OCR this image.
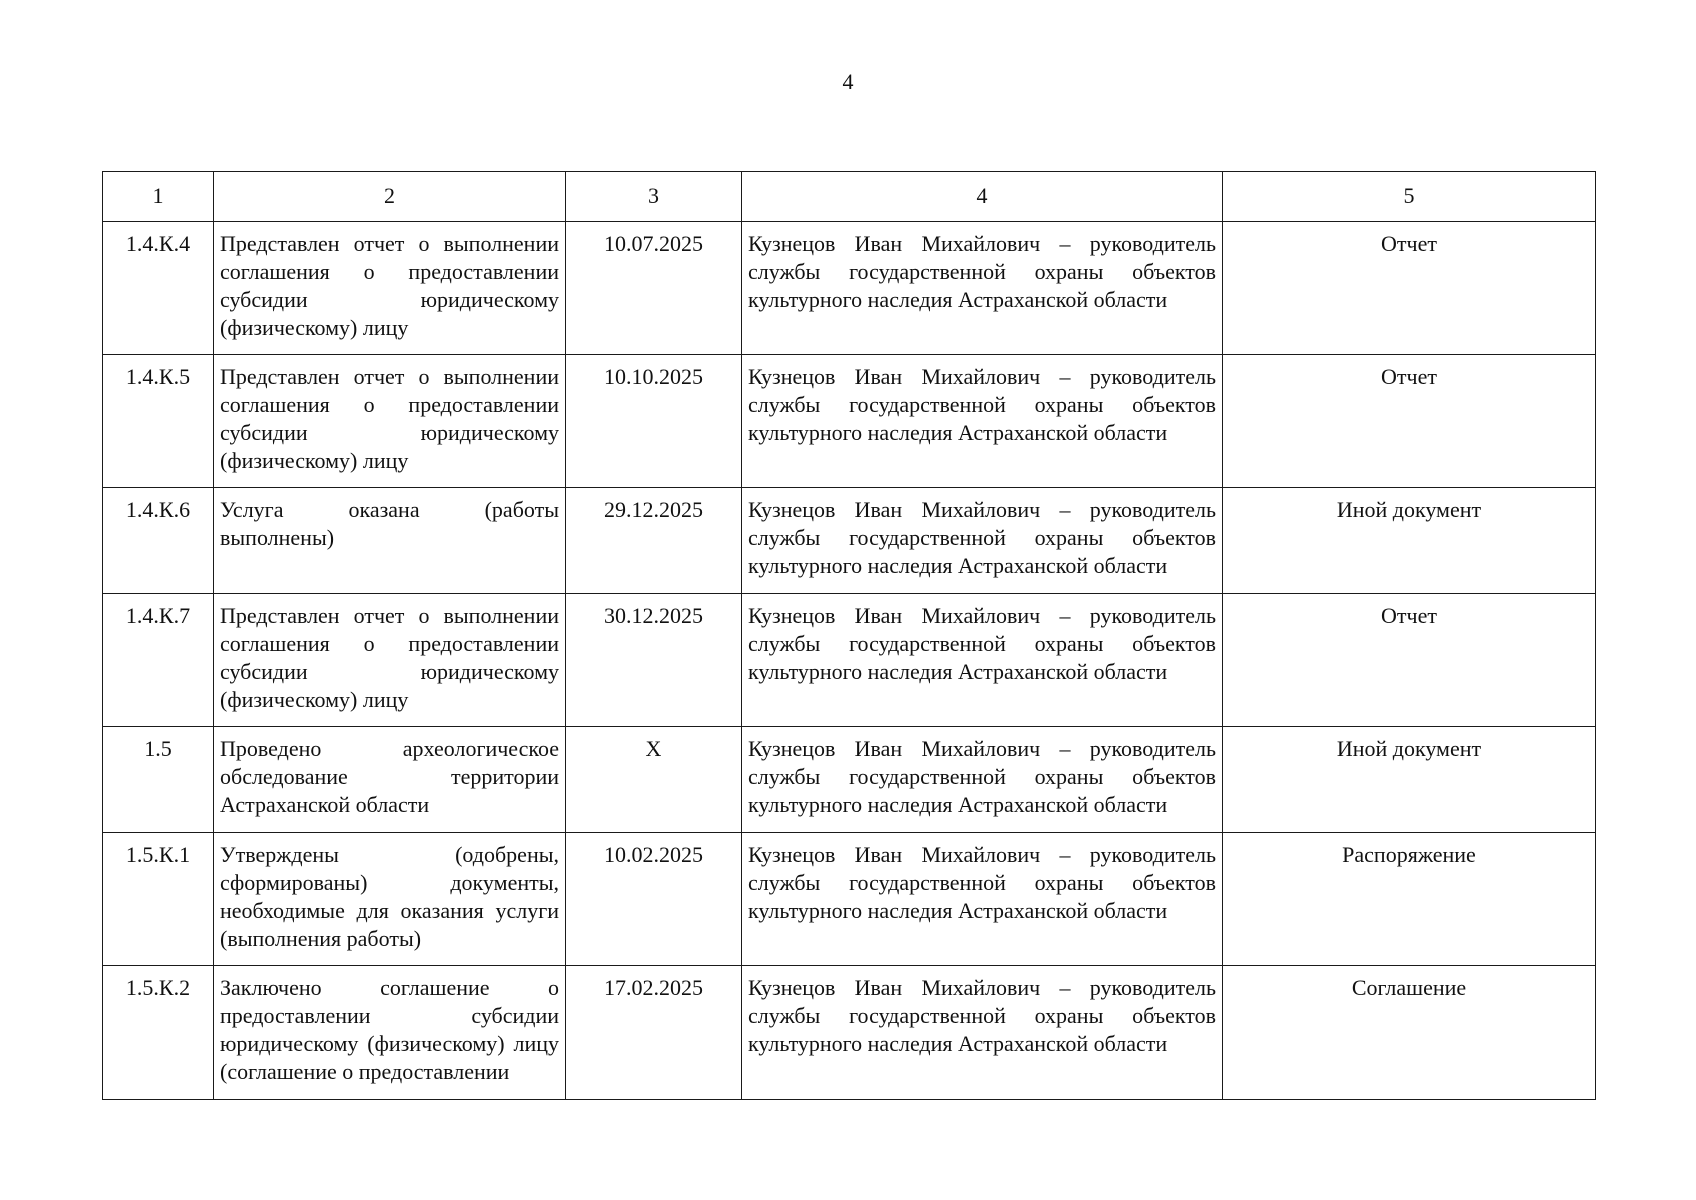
4
1	2	3	4	5
1.4.К.4	Представлен отчет о выполнении соглашения о предоставлении субсидии юридическому (физическому) лицу	10.07.2025	Кузнецов Иван Михайлович – руководитель службы государственной охраны объектов культурного наследия Астраханской области	Отчет
1.4.К.5	Представлен отчет о выполнении соглашения о предоставлении субсидии юридическому (физическому) лицу	10.10.2025	Кузнецов Иван Михайлович – руководитель службы государственной охраны объектов культурного наследия Астраханской области	Отчет
1.4.К.6	Услуга оказана (работы выполнены)	29.12.2025	Кузнецов Иван Михайлович – руководитель службы государственной охраны объектов культурного наследия Астраханской области	Иной документ
1.4.К.7	Представлен отчет о выполнении соглашения о предоставлении субсидии юридическому (физическому) лицу	30.12.2025	Кузнецов Иван Михайлович – руководитель службы государственной охраны объектов культурного наследия Астраханской области	Отчет
1.5	Проведено археологическое обследование территории Астраханской области	X	Кузнецов Иван Михайлович – руководитель службы государственной охраны объектов культурного наследия Астраханской области	Иной документ
1.5.К.1	Утверждены (одобрены, сформированы) документы, необходимые для оказания услуги (выполнения работы)	10.02.2025	Кузнецов Иван Михайлович – руководитель службы государственной охраны объектов культурного наследия Астраханской области	Распоряжение
1.5.К.2	Заключено соглашение о предоставлении субсидии юридическому (физическому) лицу (соглашение о предоставлении	17.02.2025	Кузнецов Иван Михайлович – руководитель службы государственной охраны объектов культурного наследия Астраханской области	Соглашение
